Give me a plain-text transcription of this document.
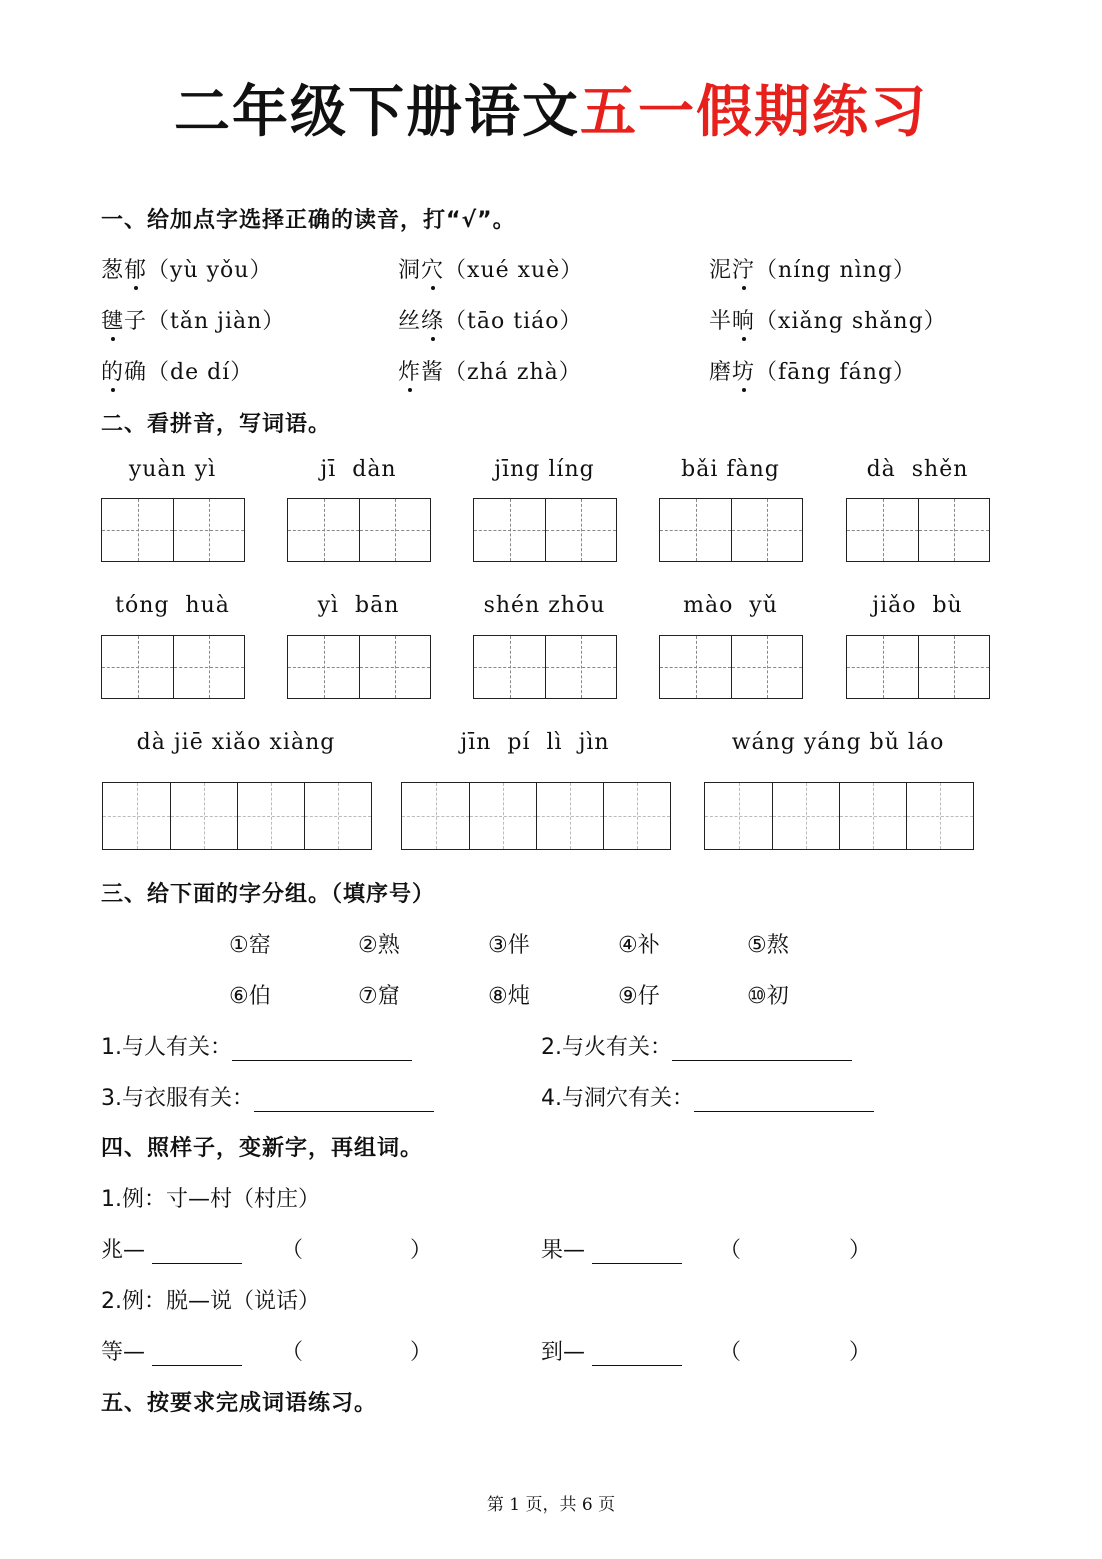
二年级下册语文五一假期练习
一、给加点字选择正确的读音，打“√”。
葱郁（yù yǒu）	洞穴（xué xuè）	泥泞（níng nìng）
毽子（tǎn jiàn）	丝绦（tāo tiáo）	半晌（xiǎng shǎng）
的确（de dí）	炸酱（zhá zhà）	磨坊（fāng fáng）
二、看拼音，写词语。
yuàn yì	jī  dàn	jīng líng	bǎi fàng	dà  shěn
tóng  huà	yì  bān	shén zhōu	mào  yǔ	jiǎo  bù
dà jiē xiǎo xiàng	jīn  pí  lì  jìn	wáng yáng bǔ láo
三、给下面的字分组。（填序号）
①窑	②熟	③伴	④补	⑤熬
⑥伯	⑦窟	⑧炖	⑨仔	⑩初
1.与人有关：	2.与火有关：
3.与衣服有关：	4.与洞穴有关：
四、照样子，变新字，再组词。
1.例：寸—村（村庄）
兆—	（	）	果—	（	）
2.例：脱—说（说话）
等—	（	）	到—	（	）
五、按要求完成词语练习。
第 1 页，共 6 页
